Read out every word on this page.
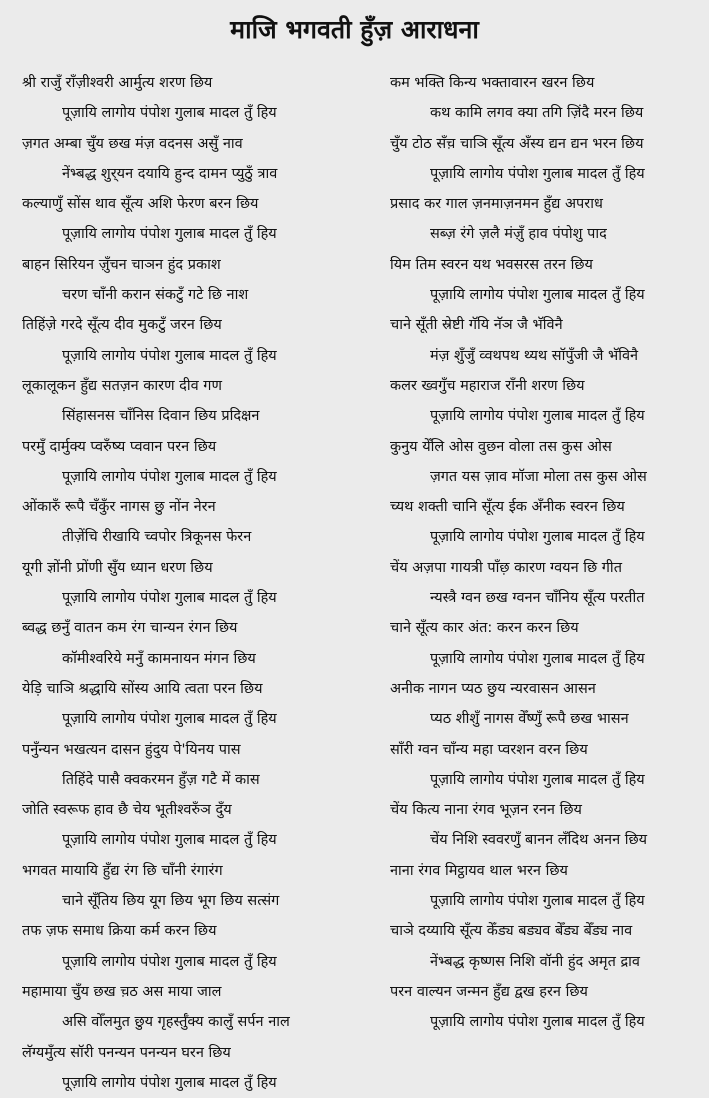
माजि भगवती हुँज़ आराधना
श्री राजुँ राँज़ीश्वरी आर्मुत्य शरण छिय
पूज़ायि लागोय पंपोश गुलाब मादल तुँ हिय
ज़गत अम्बा चुँय छख मंज़ वदनस असुँ नाव
नेंभ्बद्ध शुर्‌यन दयायि हुन्द दामन प्युठुँ त्राव
कल्याणुँ सोंस थाव सूँत्य अशि फेरण बरन छिय
पूज़ायि लागोय पंपोश गुलाब मादल तुँ हिय
बाहन सिरियन ज़ुँचन चाञन हुंद प्रकाश
चरण चाँनी करान संकटुँ गटे छि नाश
तिहिंज़े गरदे सूँत्य दीव मुकटुँ जरन छिय
पूज़ायि लागोय पंपोश गुलाब मादल तुँ हिय
लूकालूकन हुँद्य सतज़न कारण दीव गण
सिंहासनस चाँनिस दिवान छिय प्रदिक्षन
परमुँ दार्मुक्य प्वरुँष्य प्ववान परन छिय
पूज़ायि लागोय पंपोश गुलाब मादल तुँ हिय
ओंकारुँ रूपै चँकुँर नागस छु नोंन नेरन
तीज़ेंचि रीखायि च्वपोर त्रिकूनस फेरन
यूगी ज्ञोंनी प्रोंणी सुँय ध्यान धरण छिय
पूज़ायि लागोय पंपोश गुलाब मादल तुँ हिय
ब्वद्ध छनुँ वातन कम रंग चान्यन रंगन छिय
कॉमीश्वरिये मनुँ कामनायन मंगन छिय
येड़ि चाञि श्रद्धायि सोंस्य आयि त्वता परन छिय
पूज़ायि लागोय पंपोश गुलाब मादल तुँ हिय
पनुँन्यन भखत्यन दासन हुंदुय पे'यिनय पास
तिहिंदे पासै क्वकरमन हुँज़ गटै में कास
जोति स्वरूफ हाव छै चेय भूतीश्वरुँञ दुँय
पूज़ायि लागोय पंपोश गुलाब मादल तुँ हिय
भगवत मायायि हुँद्य रंग छि चाँनी रंगारंग
चाने सूँतिय छिय यूग छिय भूग छिय सत्संग
तफ ज़फ समाध क्रिया कर्म करन छिय
पूज़ायि लागोय पंपोश गुलाब मादल तुँ हिय
महामाया चुँय छख च़ठ अस माया जाल
असि वोँलमुत छुय गृहर्स्तुँक्य कालुँ सर्पन नाल
लॅग्यमुँत्य सॉरी पनन्यन पनन्यन घरन छिय
पूज़ायि लागोय पंपोश गुलाब मादल तुँ हिय
कम भक्ति किन्य भक्तावारन खरन छिय
कथ कामि लगव क्या तगि ज़िंदै मरन छिय
चुँय टोठ सँच़ चाञि सूँत्य अँस्य द्यन द्यन भरन छिय
पूज़ायि लागोय पंपोश गुलाब मादल तुँ हिय
प्रसाद कर गाल ज़नमाज़नमन हुँद्य अपराध
सब्ज़ रंगे ज़लै मंज़ुँ हाव पंपोशु पाद
यिम तिम स्वरन यथ भवसरस तरन छिय
पूज़ायि लागोय पंपोश गुलाब मादल तुँ हिय
चाने सूँती स्रेष्टी गॅयि नॅञ जै भॅविनै
मंज़ शुँजुँ व्वथपथ थ्यथ सॉपुँजी जै भॅविनै
कलर ख्वगुँच महाराज राँनी शरण छिय
पूज़ायि लागोय पंपोश गुलाब मादल तुँ हिय
कुनुय येँलि ओस वुछन वोला तस कुस ओस
ज़गत यस ज़ाव मॉजा मोला तस कुस ओस
च्यथ शक्ती चानि सूँत्य ईक अँनीक स्वरन छिय
पूज़ायि लागोय पंपोश गुलाब मादल तुँ हिय
चेंय अज़पा गायत्री पाँछ़ कारण ग्वयन छि गीत
न्यस्त्रै ग्वन छख ग्वनन चाँनिय सूँत्य परतीत
चाने सूँत्य कार अंत: करन करन छिय
पूज़ायि लागोय पंपोश गुलाब मादल तुँ हिय
अनीक नागन प्यठ छुय न्यरवासन आसन
प्यठ शीशुँ नागस वेँष्णुँ रूपै छख भासन
साँरी ग्वन चाँन्य महा प्वरशन वरन छिय
पूज़ायि लागोय पंपोश गुलाब मादल तुँ हिय
चेंय कित्य नाना रंगव भूज़न रनन छिय
चेंय निशि स्ववरणुँ बानन लँदिथ अनन छिय
नाना रंगव मिट्ठायव थाल भरन छिय
पूज़ायि लागोय पंपोश गुलाब मादल तुँ हिय
चाञे दय्यायि सूँत्य केँड्य बड्यव बेँड्य बेँड्य नाव
नेंभ्बद्ध कृष्णस निशि वॉनी हुंद अमृत द्राव
परन वाल्यन जन्मन हुँद्य द्वख हरन छिय
पूज़ायि लागोय पंपोश गुलाब मादल तुँ हिय
